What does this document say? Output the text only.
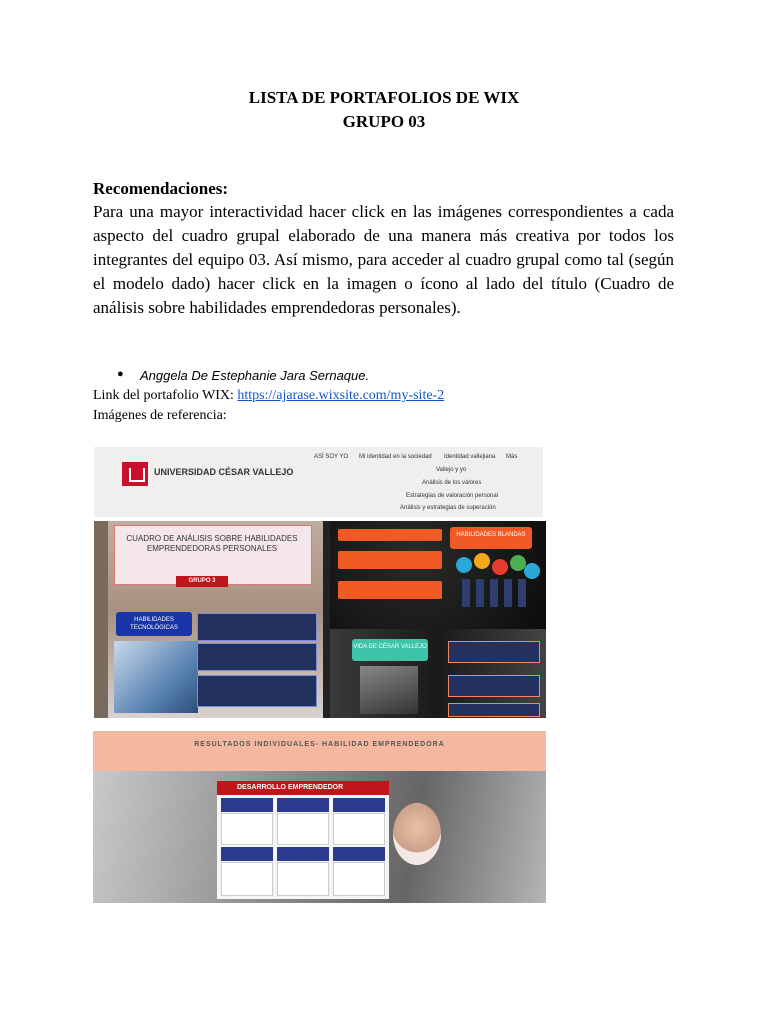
LISTA DE PORTAFOLIOS DE WIX
GRUPO 03
Recomendaciones:
Para una mayor interactividad hacer click en las imágenes correspondientes a cada aspecto del cuadro grupal elaborado de una manera más creativa por todos los integrantes del equipo 03. Así mismo, para acceder al cuadro grupal como tal (según el modelo dado) hacer click en la imagen o ícono al lado del título (Cuadro de análisis sobre habilidades emprendedoras personales).
● Anggela De Estephanie Jara Sernaque.
Link del portafolio WIX: https://ajarase.wixsite.com/my-site-2
Imágenes de referencia:
UNIVERSIDAD CÉSAR VALLEJO
ASÍ SOY YO Mi identidad en la sociedad Identidad vallejiana Más
Vallejo y yo
Análisis de los valores
Estrategias de valoración personal
Análisis y estrategias de superación
CUADRO DE ANÁLISIS SOBRE HABILIDADES EMPRENDEDORAS PERSONALES
GRUPO 3
HABILIDADES TECNOLÓGICAS
HABILIDADES BLANDAS
VIDA DE CÉSAR VALLEJO
RESULTADOS INDIVIDUALES- HABILIDAD EMPRENDEDORA
DESARROLLO EMPRENDEDOR
